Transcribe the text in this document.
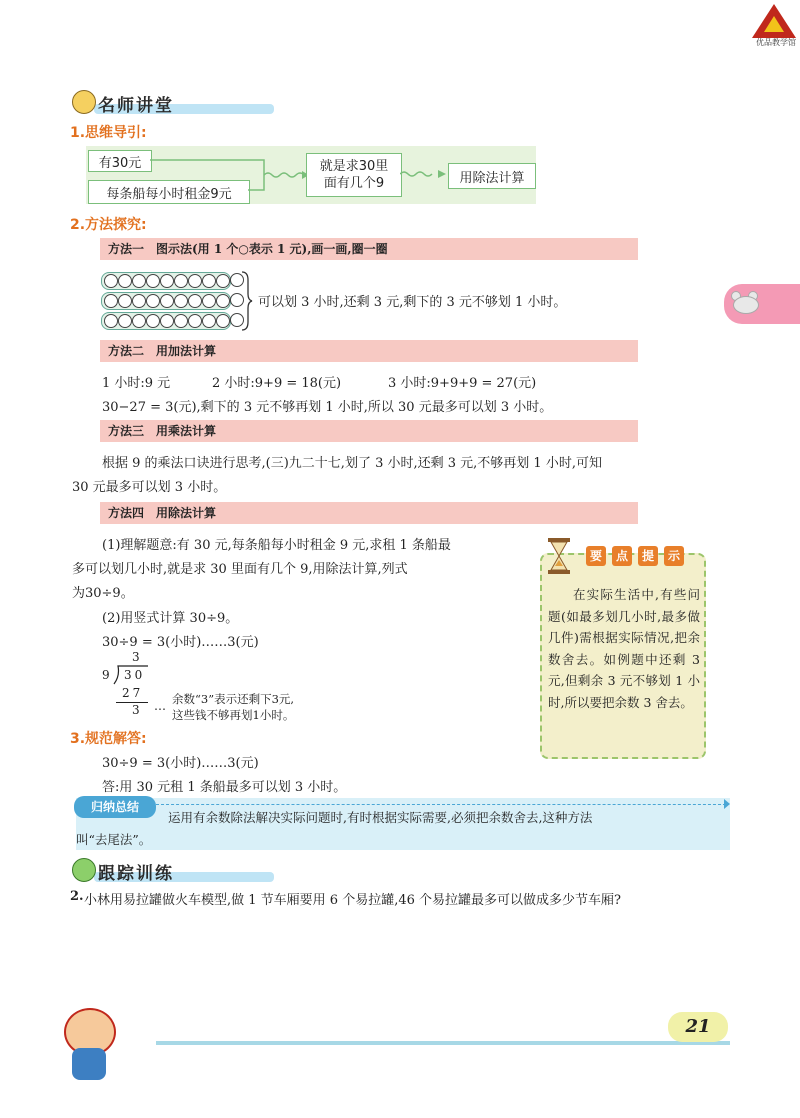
优品教学馆
名师讲堂
1.思维导引:
有30元
每条船每小时租金9元
就是求30里
面有几个9	用除法计算
2.方法探究:
方法一　图示法(用 1 个○表示 1 元),画一画,圈一圈
可以划 3 小时,还剩 3 元,剩下的 3 元不够划 1 小时。
方法二　用加法计算
1 小时:9 元	2 小时:9+9 = 18(元)	3 小时:9+9+9 = 27(元)
30−27 = 3(元),剩下的 3 元不够再划 1 小时,所以 30 元最多可以划 3 小时。
方法三　用乘法计算
根据 9 的乘法口诀进行思考,(三)九二十七,划了 3 小时,还剩 3 元,不够再划 1 小时,可知
30 元最多可以划 3 小时。
方法四　用除法计算
(1)理解题意:有 30 元,每条船每小时租金 9 元,求租 1 条船最
多可以划几小时,就是求 30 里面有几个 9,用除法计算,列式
为30÷9。
(2)用竖式计算 30÷9。
30÷9 = 3(小时)……3(元)
3
9 30
27
3 … 余数“3”表示还剩下3元,
这些钱不够再划1小时。
要	点	提	示
在实际生活中,有些问题(如最多划几小时,最多做几件)需根据实际情况,把余数舍去。如例题中还剩 3 元,但剩余 3 元不够划 1 小时,所以要把余数 3 舍去。
3.规范解答:
30÷9 = 3(小时)……3(元)
答:用 30 元租 1 条船最多可以划 3 小时。
归纳总结
运用有余数除法解决实际问题时,有时根据实际需要,必须把余数舍去,这种方法
叫“去尾法”。
跟踪训练
2. 小林用易拉罐做火车模型,做 1 节车厢要用 6 个易拉罐,46 个易拉罐最多可以做成多少节车厢?
21
